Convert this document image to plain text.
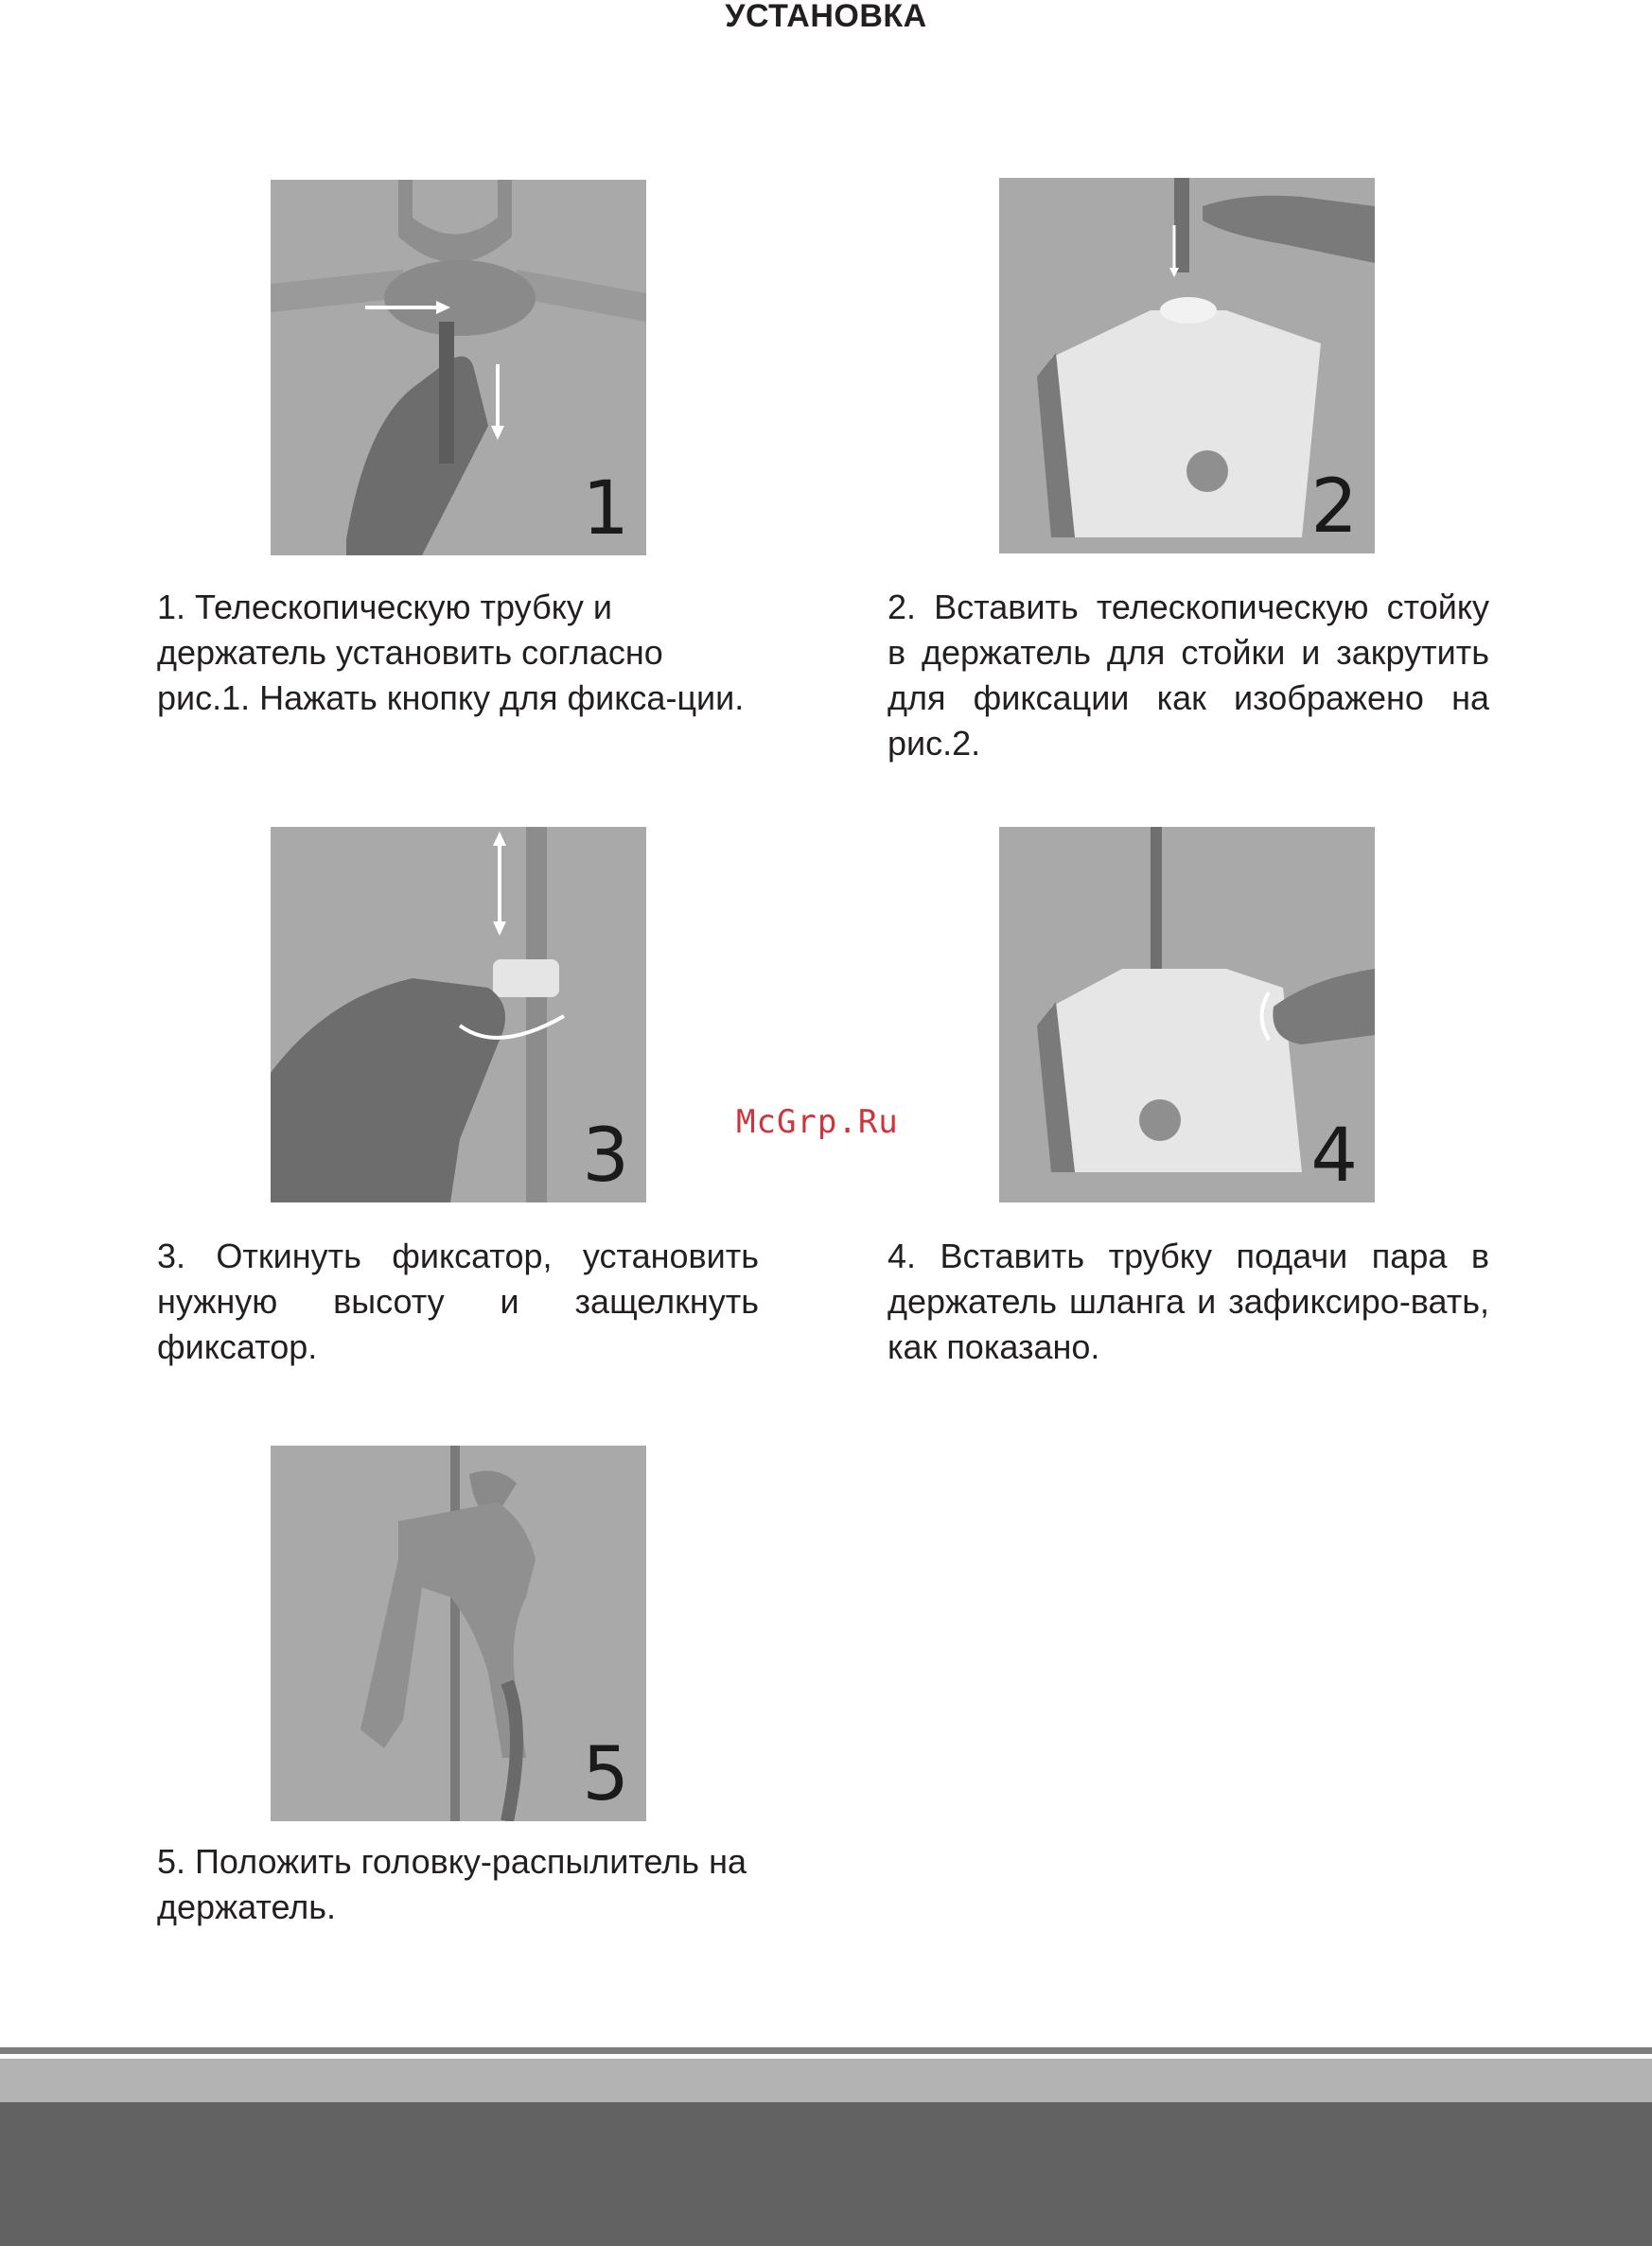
УСТАНОВКА
1

1. Телескопическую трубку и держатель установить согласно рис.1. Нажать кнопку для фикса-ции.

2

2. Вставить телескопическую стойку в держатель для стойки и закрутить для фиксации как изображено на рис.2.

3

3. Откинуть фиксатор, установить нужную высоту и защелкнуть фиксатор.

4

4. Вставить трубку подачи пара в держатель шланга и зафиксиро-вать, как показано.

McGrp.Ru
5

5. Положить головку-распылитель на держатель.
